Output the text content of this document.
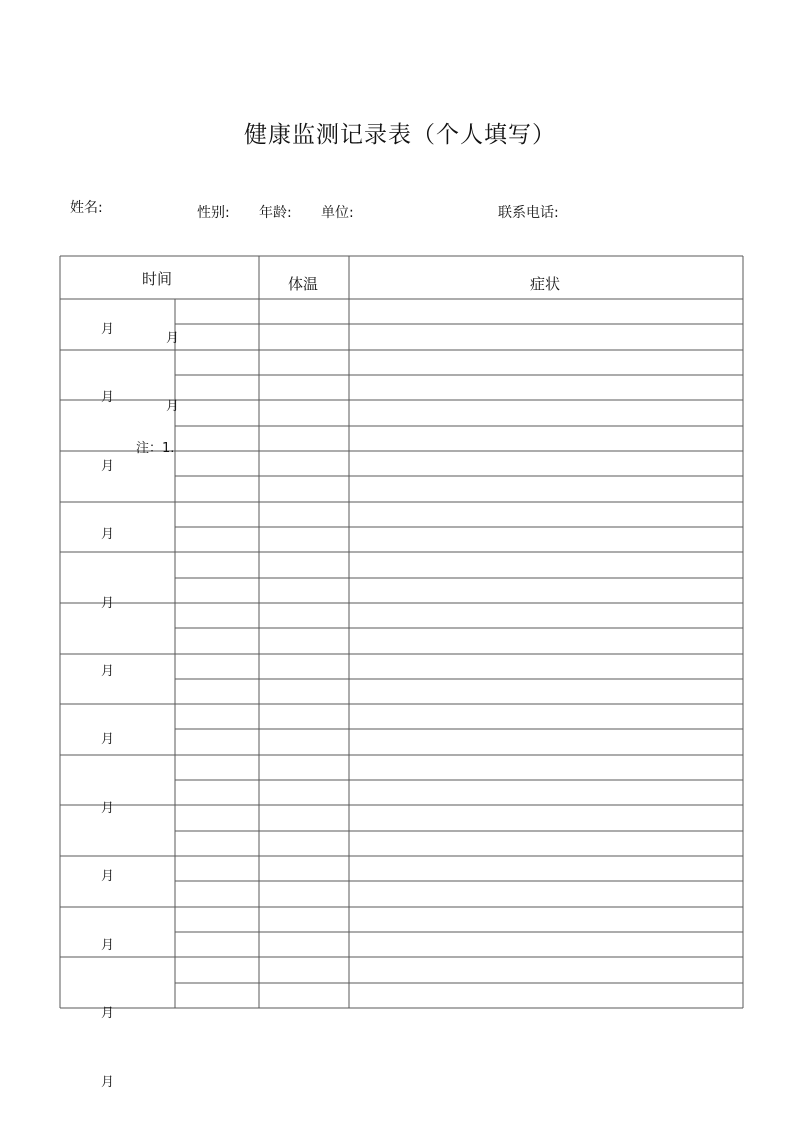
健康监测记录表（个人填写）
姓名:	性别: 年龄: 单位:	联系电话:
时间	体温	症状
月
月
月
月
月
月
月
月
月
月
月
月
月
月
注：1.
